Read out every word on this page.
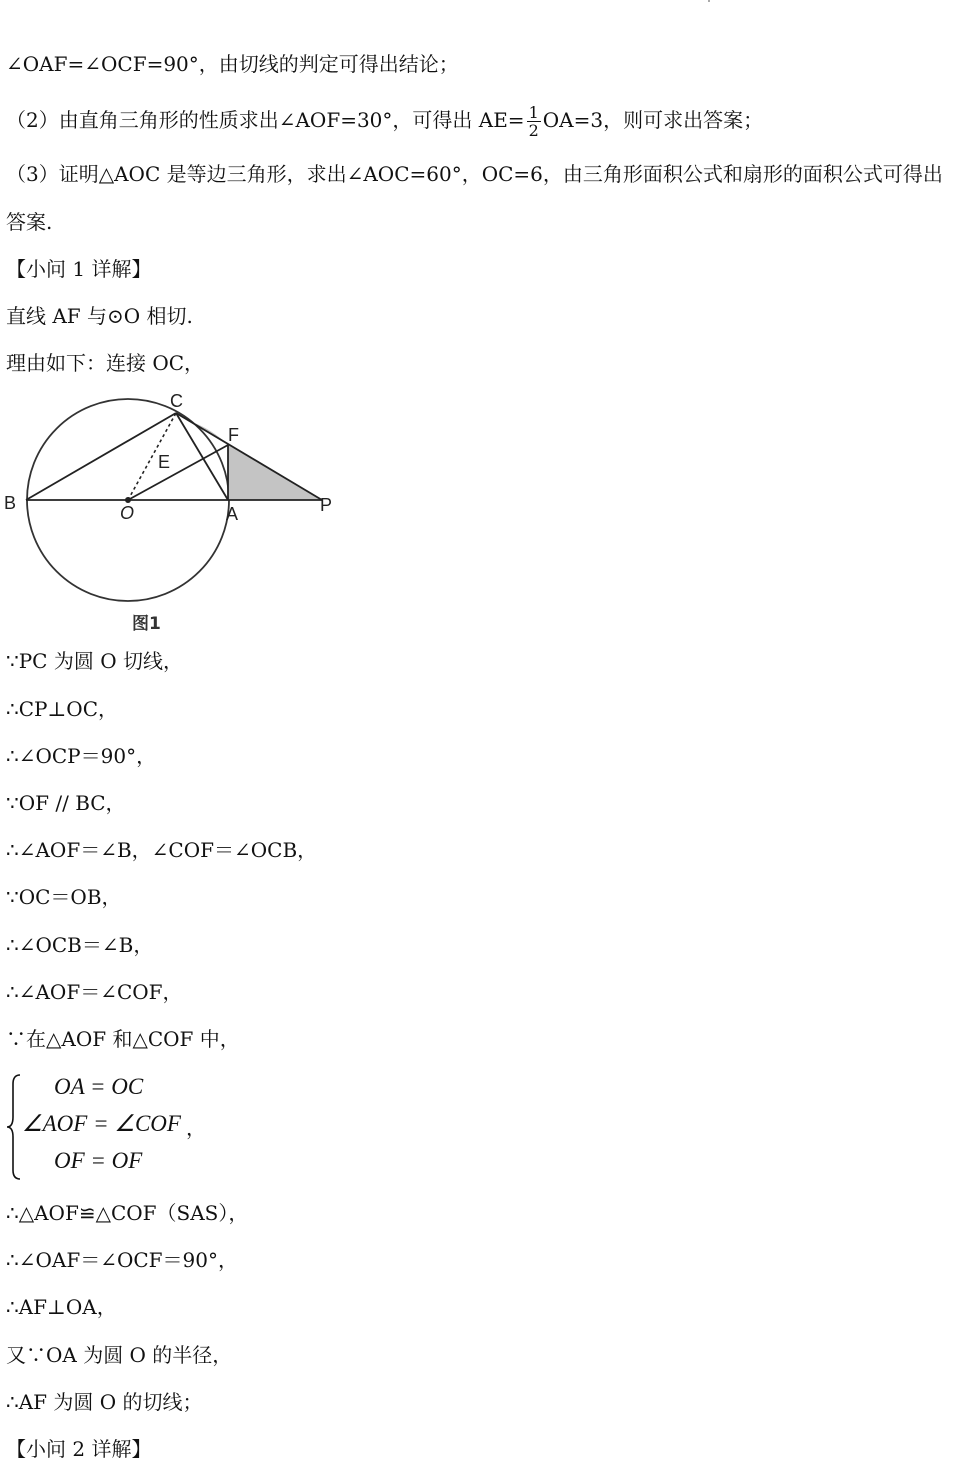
∠OAF=∠OCF=90°，由切线的判定可得出结论；
（2）由直角三角形的性质求出∠AOF=30°，可得出 $AE= \frac{1}{2} OA=3$，则可求出答案；
（3）证明△AOC 是等边三角形，求出∠AOC=60°，OC=6，由三角形面积公式和扇形的面积公式可得出
答案.
【小问 1 详解】
直线 AF 与⊙O 相切.
理由如下：连接 OC，
B	O	A	P
C
F
E
图1
∵PC 为圆 O 切线，
∴CP⊥OC，
∴∠OCP＝90°，
∵OF // BC，
∴∠AOF＝∠B，∠COF＝∠OCB，
∵OC＝OB，
∴∠OCB＝∠B，
∴∠AOF＝∠COF，
∵在△AOF 和△COF 中，
OA = OC
∠AOF = ∠COF
OF = OF
，
∴△AOF≌△COF（SAS），
∴∠OAF＝∠OCF＝90°，
∴AF⊥OA，
又∵OA 为圆 O 的半径，
∴AF 为圆 O 的切线；
【小问 2 详解】
